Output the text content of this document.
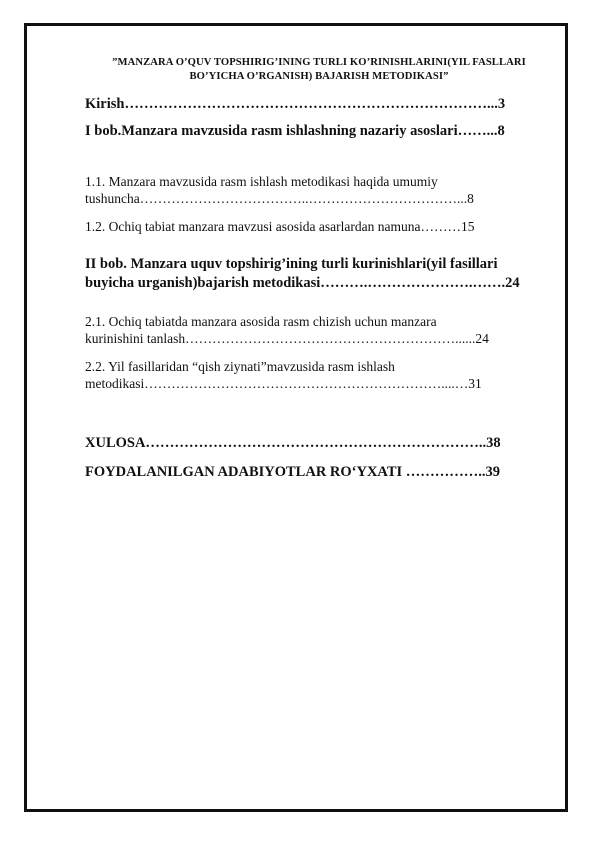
”MANZARA O’QUV TOPSHIRIG’INING TURLI KO’RINISHLARINI(YIL FASLLARI
BO’YICHA O’RGANISH) BAJARISH METODIKASI”
Kirish…………………………………………………………………...3
I bob.Manzara mavzusida rasm ishlashning nazariy asoslari……...8
1.1. Manzara mavzusida rasm ishlash metodikasi haqida umumiy
tushuncha………………………………..……………………………...8
1.2. Ochiq tabiat manzara mavzusi asosida asarlardan namuna………15
II bob. Manzara uquv topshirig’ining turli kurinishlari(yil fasillari
buyicha urganish)bajarish metodikasi……….………………….…….24
2.1. Ochiq tabiatda manzara asosida rasm chizish uchun manzara
kurinishini tanlash……………………………………………………......24
2.2. Yil fasillaridan “qish ziynati”mavzusida rasm ishlash
metodikasi…………………………………………………………....…31
XULOSA……………………………………………………………..38
FOYDALANILGAN ADABIYOTLAR RO‘YXATI ……………..39
